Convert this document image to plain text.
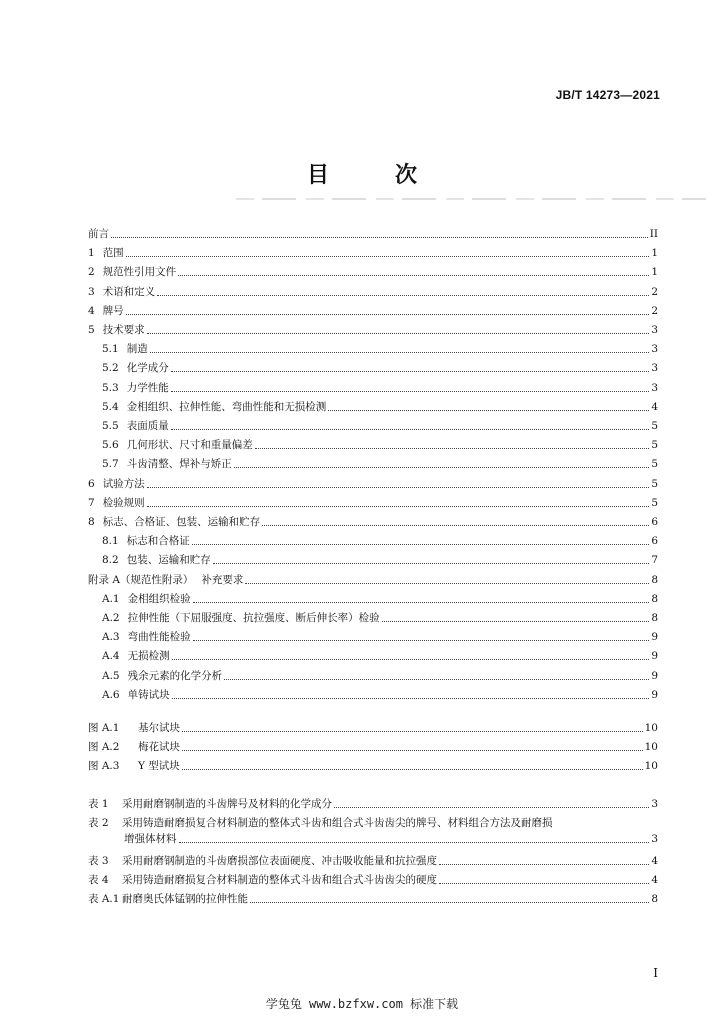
JB/T 14273—2021
目　次
前言	II
1 范围	1
2 规范性引用文件	1
3 术语和定义	2
4 牌号	2
5 技术要求	3
5.1 制造	3
5.2 化学成分	3
5.3 力学性能	3
5.4 金相组织、拉伸性能、弯曲性能和无损检测	4
5.5 表面质量	5
5.6 几何形状、尺寸和重量偏差	5
5.7 斗齿清整、焊补与矫正	5
6 试验方法	5
7 检验规则	5
8 标志、合格证、包装、运输和贮存	6
8.1 标志和合格证	6
8.2 包装、运输和贮存	7
附录 A（规范性附录） 补充要求	8
A.1 金相组织检验	8
A.2 拉伸性能（下屈服强度、抗拉强度、断后伸长率）检验	8
A.3 弯曲性能检验	9
A.4 无损检测	9
A.5 残余元素的化学分析	9
A.6 单铸试块	9
图 A.1 基尔试块	10
图 A.2 梅花试块	10
图 A.3 Y 型试块	10
表 1 采用耐磨钢制造的斗齿牌号及材料的化学成分	3
表 2 采用铸造耐磨损复合材料制造的整体式斗齿和组合式斗齿齿尖的牌号、材料组合方法及耐磨损
增强体材料	3
表 3 采用耐磨钢制造的斗齿磨损部位表面硬度、冲击吸收能量和抗拉强度	4
表 4 采用铸造耐磨损复合材料制造的整体式斗齿和组合式斗齿齿尖的硬度	4
表 A.1 耐磨奥氏体锰钢的拉伸性能	8
I
学兔兔 www.bzfxw.com 标准下载
